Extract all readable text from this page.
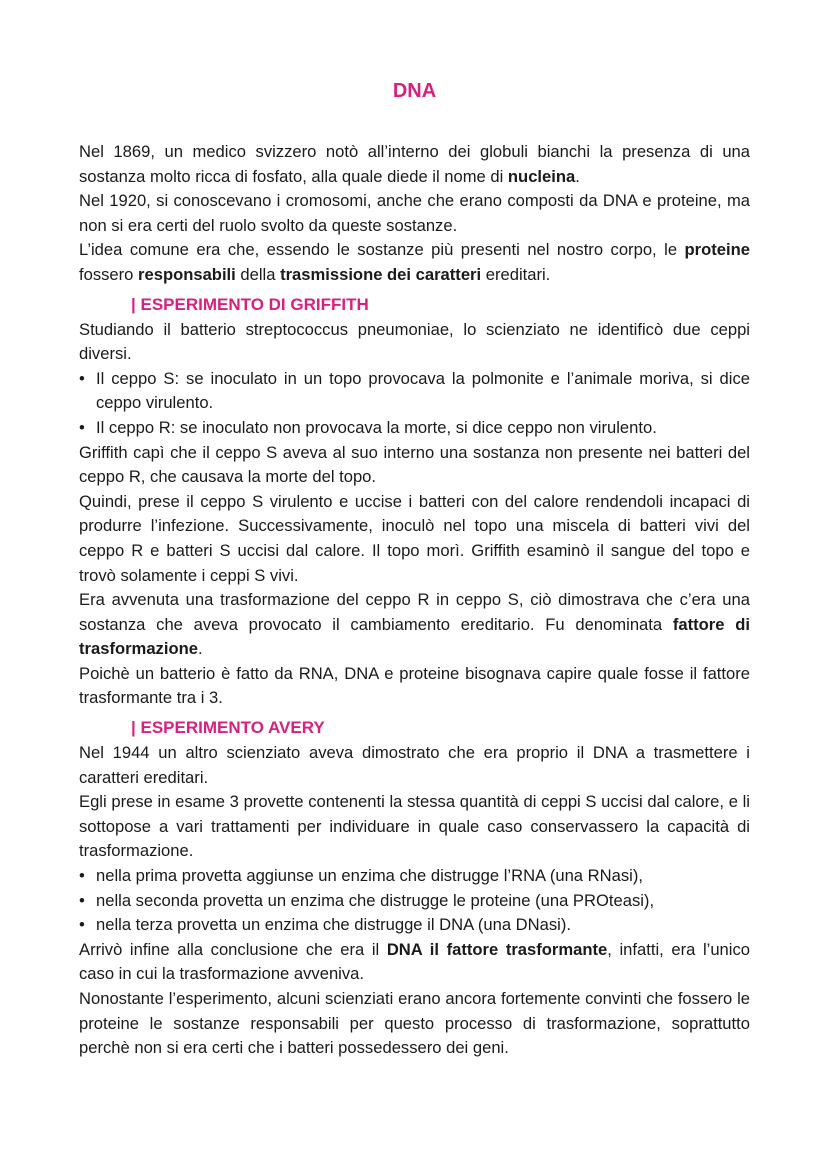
DNA

Nel 1869, un medico svizzero notò all’interno dei globuli bianchi la presenza di una sostanza molto ricca di fosfato, alla quale diede il nome di nucleina.

Nel 1920, si conoscevano i cromosomi, anche che erano composti da DNA e proteine, ma non si era certi del ruolo svolto da queste sostanze.

L’idea comune era che, essendo le sostanze più presenti nel nostro corpo, le proteine fossero responsabili della trasmissione dei caratteri ereditari.

| ESPERIMENTO DI GRIFFITH

Studiando il batterio streptococcus pneumoniae, lo scienziato ne identificò due ceppi diversi.

• Il ceppo S: se inoculato in un topo provocava la polmonite e l’animale moriva, si dice ceppo virulento.
• Il ceppo R: se inoculato non provocava la morte, si dice ceppo non virulento.

Griffith capì che il ceppo S aveva al suo interno una sostanza non presente nei batteri del ceppo R, che causava la morte del topo.

Quindi, prese il ceppo S virulento e uccise i batteri con del calore rendendoli incapaci di produrre l’infezione. Successivamente, inoculò nel topo una miscela di batteri vivi del ceppo R e batteri S uccisi dal calore. Il topo morì. Griffith esaminò il sangue del topo e trovò solamente i ceppi S vivi.

Era avvenuta una trasformazione del ceppo R in ceppo S, ciò dimostrava che c’era una sostanza che aveva provocato il cambiamento ereditario. Fu denominata fattore di trasformazione.

Poichè un batterio è fatto da RNA, DNA e proteine bisognava capire quale fosse il fattore trasformante tra i 3.

| ESPERIMENTO AVERY

Nel 1944 un altro scienziato aveva dimostrato che era proprio il DNA a trasmettere i caratteri ereditari.

Egli prese in esame 3 provette contenenti la stessa quantità di ceppi S uccisi dal calore, e li sottopose a vari trattamenti per individuare in quale caso conservassero la capacità di trasformazione.

• nella prima provetta aggiunse un enzima che distrugge l’RNA (una RNasi),
• nella seconda provetta un enzima che distrugge le proteine (una PROteasi),
• nella terza provetta un enzima che distrugge il DNA (una DNasi).

Arrivò infine alla conclusione che era il DNA il fattore trasformante, infatti, era l’unico caso in cui la trasformazione avveniva.

Nonostante l’esperimento, alcuni scienziati erano ancora fortemente convinti che fossero le proteine le sostanze responsabili per questo processo di trasformazione, soprattutto perchè non si era certi che i batteri possedessero dei geni.
